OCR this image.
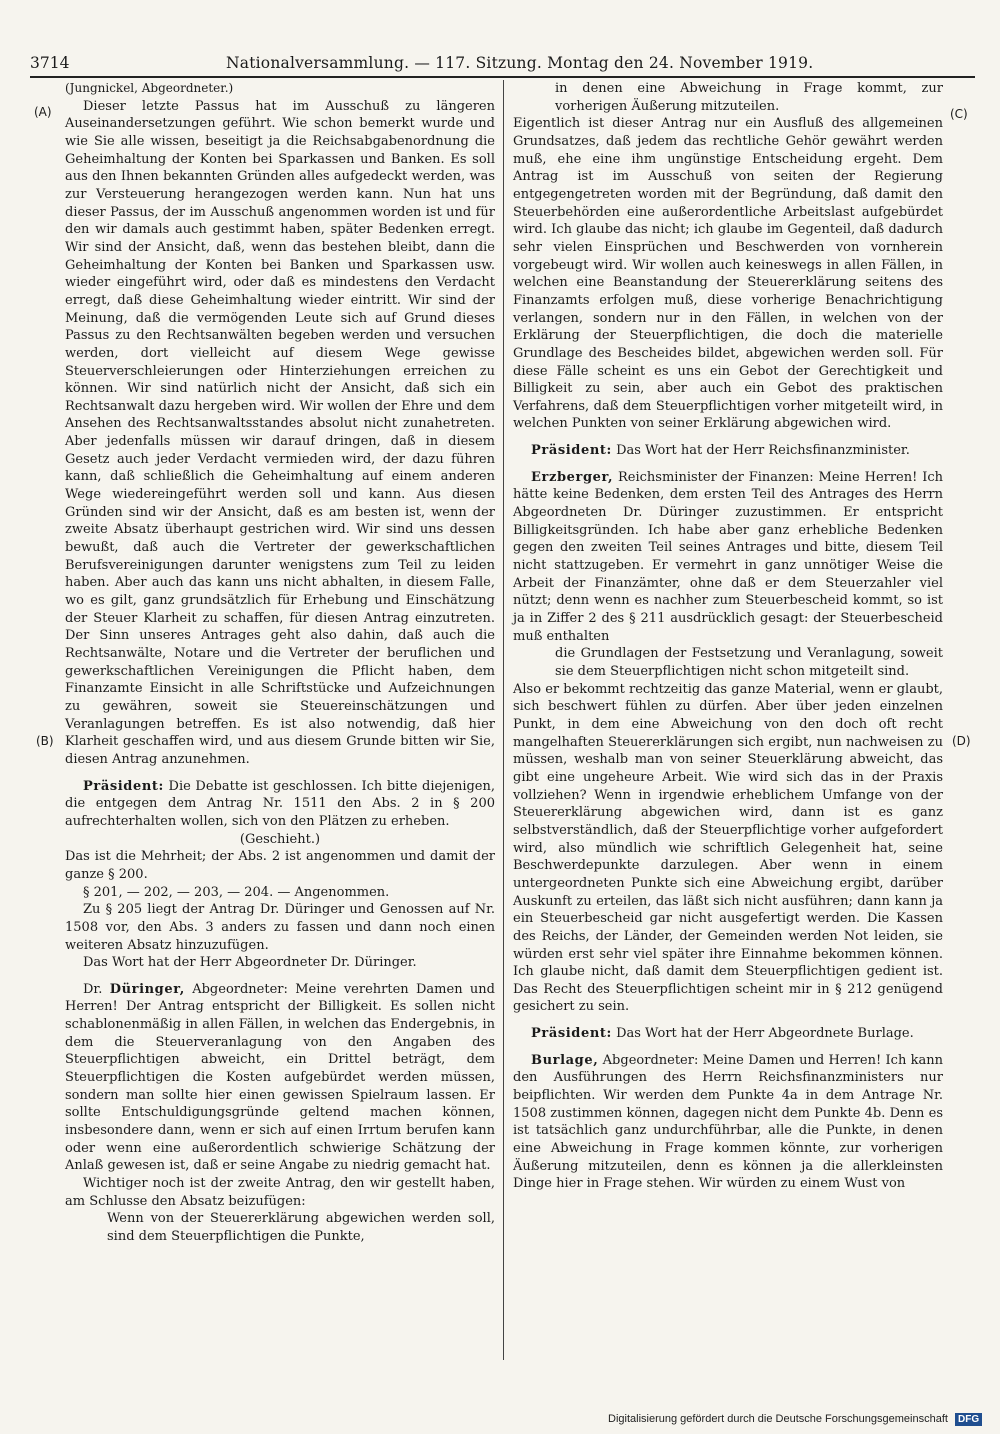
3714	Nationalversammlung. — 117. Sitzung. Montag den 24. November 1919.
(A)
(B)
(C)
(D)

(Jungnickel, Abgeordneter.)

Dieser letzte Passus hat im Ausschuß zu längeren Auseinandersetzungen geführt. Wie schon bemerkt wurde und wie Sie alle wissen, beseitigt ja die Reichsabgabenordnung die Geheimhaltung der Konten bei Sparkassen und Banken. Es soll aus den Ihnen bekannten Gründen alles aufgedeckt werden, was zur Versteuerung herangezogen werden kann. Nun hat uns dieser Passus, der im Ausschuß angenommen worden ist und für den wir damals auch gestimmt haben, später Bedenken erregt. Wir sind der Ansicht, daß, wenn das bestehen bleibt, dann die Geheimhaltung der Konten bei Banken und Sparkassen usw. wieder eingeführt wird, oder daß es mindestens den Verdacht erregt, daß diese Geheimhaltung wieder eintritt. Wir sind der Meinung, daß die vermögenden Leute sich auf Grund dieses Passus zu den Rechtsanwälten begeben werden und versuchen werden, dort vielleicht auf diesem Wege gewisse Steuerverschleierungen oder Hinterziehungen erreichen zu können. Wir sind natürlich nicht der Ansicht, daß sich ein Rechtsanwalt dazu hergeben wird. Wir wollen der Ehre und dem Ansehen des Rechtsanwaltsstandes absolut nicht zunahetreten. Aber jedenfalls müssen wir darauf dringen, daß in diesem Gesetz auch jeder Verdacht vermieden wird, der dazu führen kann, daß schließlich die Geheimhaltung auf einem anderen Wege wiedereingeführt werden soll und kann. Aus diesen Gründen sind wir der Ansicht, daß es am besten ist, wenn der zweite Absatz überhaupt gestrichen wird. Wir sind uns dessen bewußt, daß auch die Vertreter der gewerkschaftlichen Berufsvereinigungen darunter wenigstens zum Teil zu leiden haben. Aber auch das kann uns nicht abhalten, in diesem Falle, wo es gilt, ganz grundsätzlich für Erhebung und Einschätzung der Steuer Klarheit zu schaffen, für diesen Antrag einzutreten. Der Sinn unseres Antrages geht also dahin, daß auch die Rechtsanwälte, Notare und die Vertreter der beruflichen und gewerkschaftlichen Vereinigungen die Pflicht haben, dem Finanzamte Einsicht in alle Schriftstücke und Aufzeichnungen zu gewähren, soweit sie Steuereinschätzungen und Veranlagungen betreffen. Es ist also notwendig, daß hier Klarheit geschaffen wird, und aus diesem Grunde bitten wir Sie, diesen Antrag anzunehmen.

Präsident: Die Debatte ist geschlossen. Ich bitte diejenigen, die entgegen dem Antrag Nr. 1511 den Abs. 2 in § 200 aufrechterhalten wollen, sich von den Plätzen zu erheben.

(Geschieht.)

Das ist die Mehrheit; der Abs. 2 ist angenommen und damit der ganze § 200.

§ 201, — 202, — 203, — 204. — Angenommen.

Zu § 205 liegt der Antrag Dr. Düringer und Genossen auf Nr. 1508 vor, den Abs. 3 anders zu fassen und dann noch einen weiteren Absatz hinzuzufügen.

Das Wort hat der Herr Abgeordneter Dr. Düringer.

Dr. Düringer, Abgeordneter: Meine verehrten Damen und Herren! Der Antrag entspricht der Billigkeit. Es sollen nicht schablonenmäßig in allen Fällen, in welchen das Endergebnis, in dem die Steuerveranlagung von den Angaben des Steuerpflichtigen abweicht, ein Drittel beträgt, dem Steuerpflichtigen die Kosten aufgebürdet werden müssen, sondern man sollte hier einen gewissen Spielraum lassen. Er sollte Entschuldigungsgründe geltend machen können, insbesondere dann, wenn er sich auf einen Irrtum berufen kann oder wenn eine außerordentlich schwierige Schätzung der Anlaß gewesen ist, daß er seine Angabe zu niedrig gemacht hat.

Wichtiger noch ist der zweite Antrag, den wir gestellt haben, am Schlusse den Absatz beizufügen:

Wenn von der Steuererklärung abgewichen werden soll, sind dem Steuerpflichtigen die Punkte,

in denen eine Abweichung in Frage kommt, zur vorherigen Äußerung mitzuteilen.

Eigentlich ist dieser Antrag nur ein Ausfluß des allgemeinen Grundsatzes, daß jedem das rechtliche Gehör gewährt werden muß, ehe eine ihm ungünstige Entscheidung ergeht. Dem Antrag ist im Ausschuß von seiten der Regierung entgegengetreten worden mit der Begründung, daß damit den Steuerbehörden eine außerordentliche Arbeitslast aufgebürdet wird. Ich glaube das nicht; ich glaube im Gegenteil, daß dadurch sehr vielen Einsprüchen und Beschwerden von vornherein vorgebeugt wird. Wir wollen auch keineswegs in allen Fällen, in welchen eine Beanstandung der Steuererklärung seitens des Finanzamts erfolgen muß, diese vorherige Benachrichtigung verlangen, sondern nur in den Fällen, in welchen von der Erklärung der Steuerpflichtigen, die doch die materielle Grundlage des Bescheides bildet, abgewichen werden soll. Für diese Fälle scheint es uns ein Gebot der Gerechtigkeit und Billigkeit zu sein, aber auch ein Gebot des praktischen Verfahrens, daß dem Steuerpflichtigen vorher mitgeteilt wird, in welchen Punkten von seiner Erklärung abgewichen wird.

Präsident: Das Wort hat der Herr Reichsfinanzminister.

Erzberger, Reichsminister der Finanzen: Meine Herren! Ich hätte keine Bedenken, dem ersten Teil des Antrages des Herrn Abgeordneten Dr. Düringer zuzustimmen. Er entspricht Billigkeitsgründen. Ich habe aber ganz erhebliche Bedenken gegen den zweiten Teil seines Antrages und bitte, diesem Teil nicht stattzugeben. Er vermehrt in ganz unnötiger Weise die Arbeit der Finanzämter, ohne daß er dem Steuerzahler viel nützt; denn wenn es nachher zum Steuerbescheid kommt, so ist ja in Ziffer 2 des § 211 ausdrücklich gesagt: der Steuerbescheid muß enthalten

die Grundlagen der Festsetzung und Veranlagung, soweit sie dem Steuerpflichtigen nicht schon mitgeteilt sind.

Also er bekommt rechtzeitig das ganze Material, wenn er glaubt, sich beschwert fühlen zu dürfen. Aber über jeden einzelnen Punkt, in dem eine Abweichung von den doch oft recht mangelhaften Steuererklärungen sich ergibt, nun nachweisen zu müssen, weshalb man von seiner Steuerklärung abweicht, das gibt eine ungeheure Arbeit. Wie wird sich das in der Praxis vollziehen? Wenn in irgendwie erheblichem Umfange von der Steuererklärung abgewichen wird, dann ist es ganz selbstverständlich, daß der Steuerpflichtige vorher aufgefordert wird, also mündlich wie schriftlich Gelegenheit hat, seine Beschwerdepunkte darzulegen. Aber wenn in einem untergeordneten Punkte sich eine Abweichung ergibt, darüber Auskunft zu erteilen, das läßt sich nicht ausführen; dann kann ja ein Steuerbescheid gar nicht ausgefertigt werden. Die Kassen des Reichs, der Länder, der Gemeinden werden Not leiden, sie würden erst sehr viel später ihre Einnahme bekommen können. Ich glaube nicht, daß damit dem Steuerpflichtigen gedient ist. Das Recht des Steuerpflichtigen scheint mir in § 212 genügend gesichert zu sein.

Präsident: Das Wort hat der Herr Abgeordnete Burlage.

Burlage, Abgeordneter: Meine Damen und Herren! Ich kann den Ausführungen des Herrn Reichsfinanzministers nur beipflichten. Wir werden dem Punkte 4a in dem Antrage Nr. 1508 zustimmen können, dagegen nicht dem Punkte 4b. Denn es ist tatsächlich ganz undurchführbar, alle die Punkte, in denen eine Abweichung in Frage kommen könnte, zur vorherigen Äußerung mitzuteilen, denn es können ja die allerkleinsten Dinge hier in Frage stehen. Wir würden zu einem Wust von

Digitalisierung gefördert durch die Deutsche Forschungsgemeinschaft DFG
